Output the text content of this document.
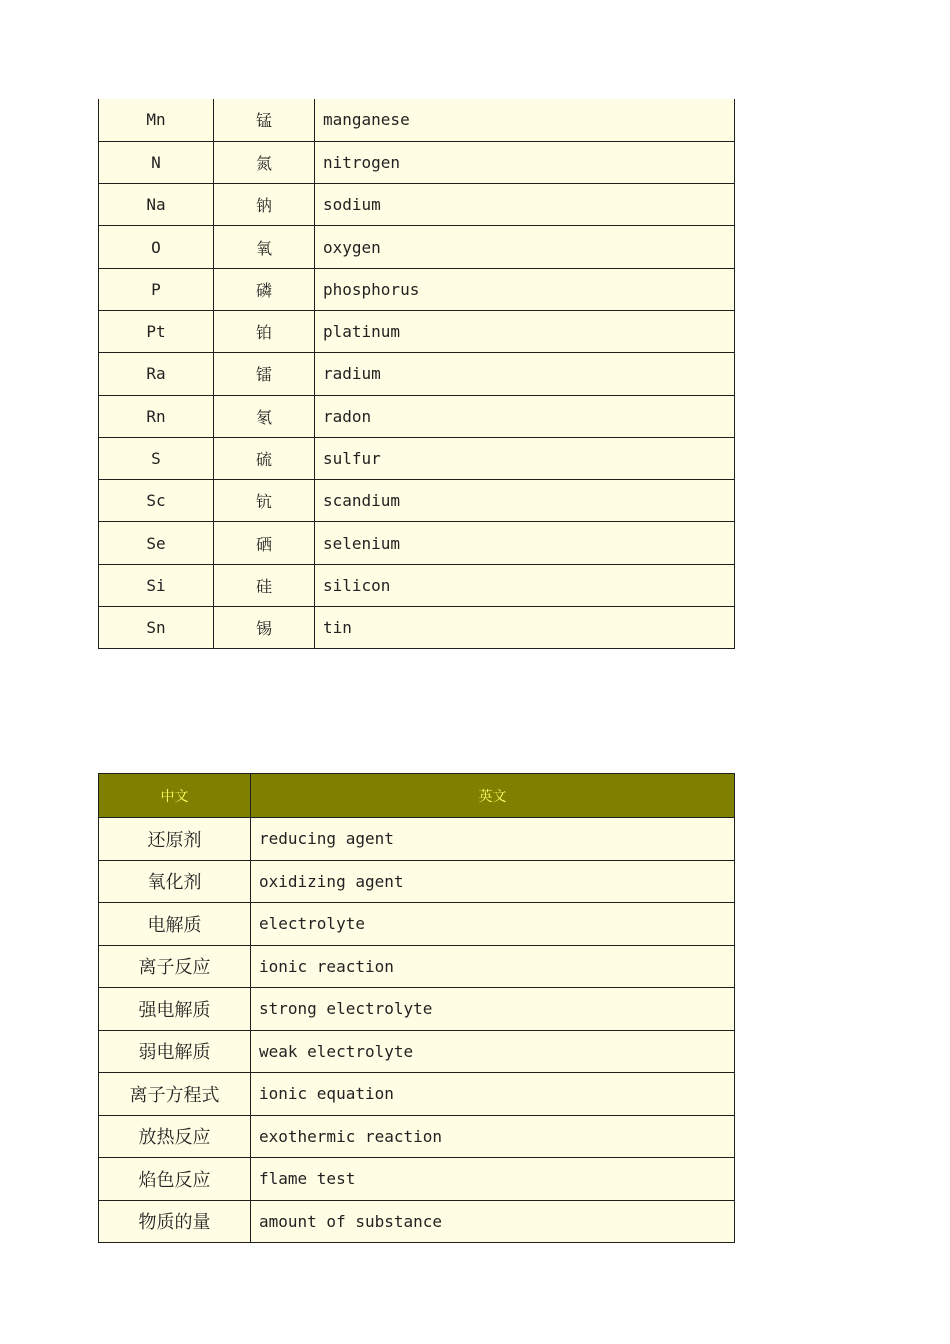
Mn	锰	manganese
N	氮	nitrogen
Na	钠	sodium
O	氧	oxygen
P	磷	phosphorus
Pt	铂	platinum
Ra	镭	radium
Rn	氡	radon
S	硫	sulfur
Sc	钪	scandium
Se	硒	selenium
Si	硅	silicon
Sn	锡	tin
中文	英文
还原剂	reducing agent
氧化剂	oxidizing agent
电解质	electrolyte
离子反应	ionic reaction
强电解质	strong electrolyte
弱电解质	weak electrolyte
离子方程式	ionic equation
放热反应	exothermic reaction
焰色反应	flame test
物质的量	amount of substance
